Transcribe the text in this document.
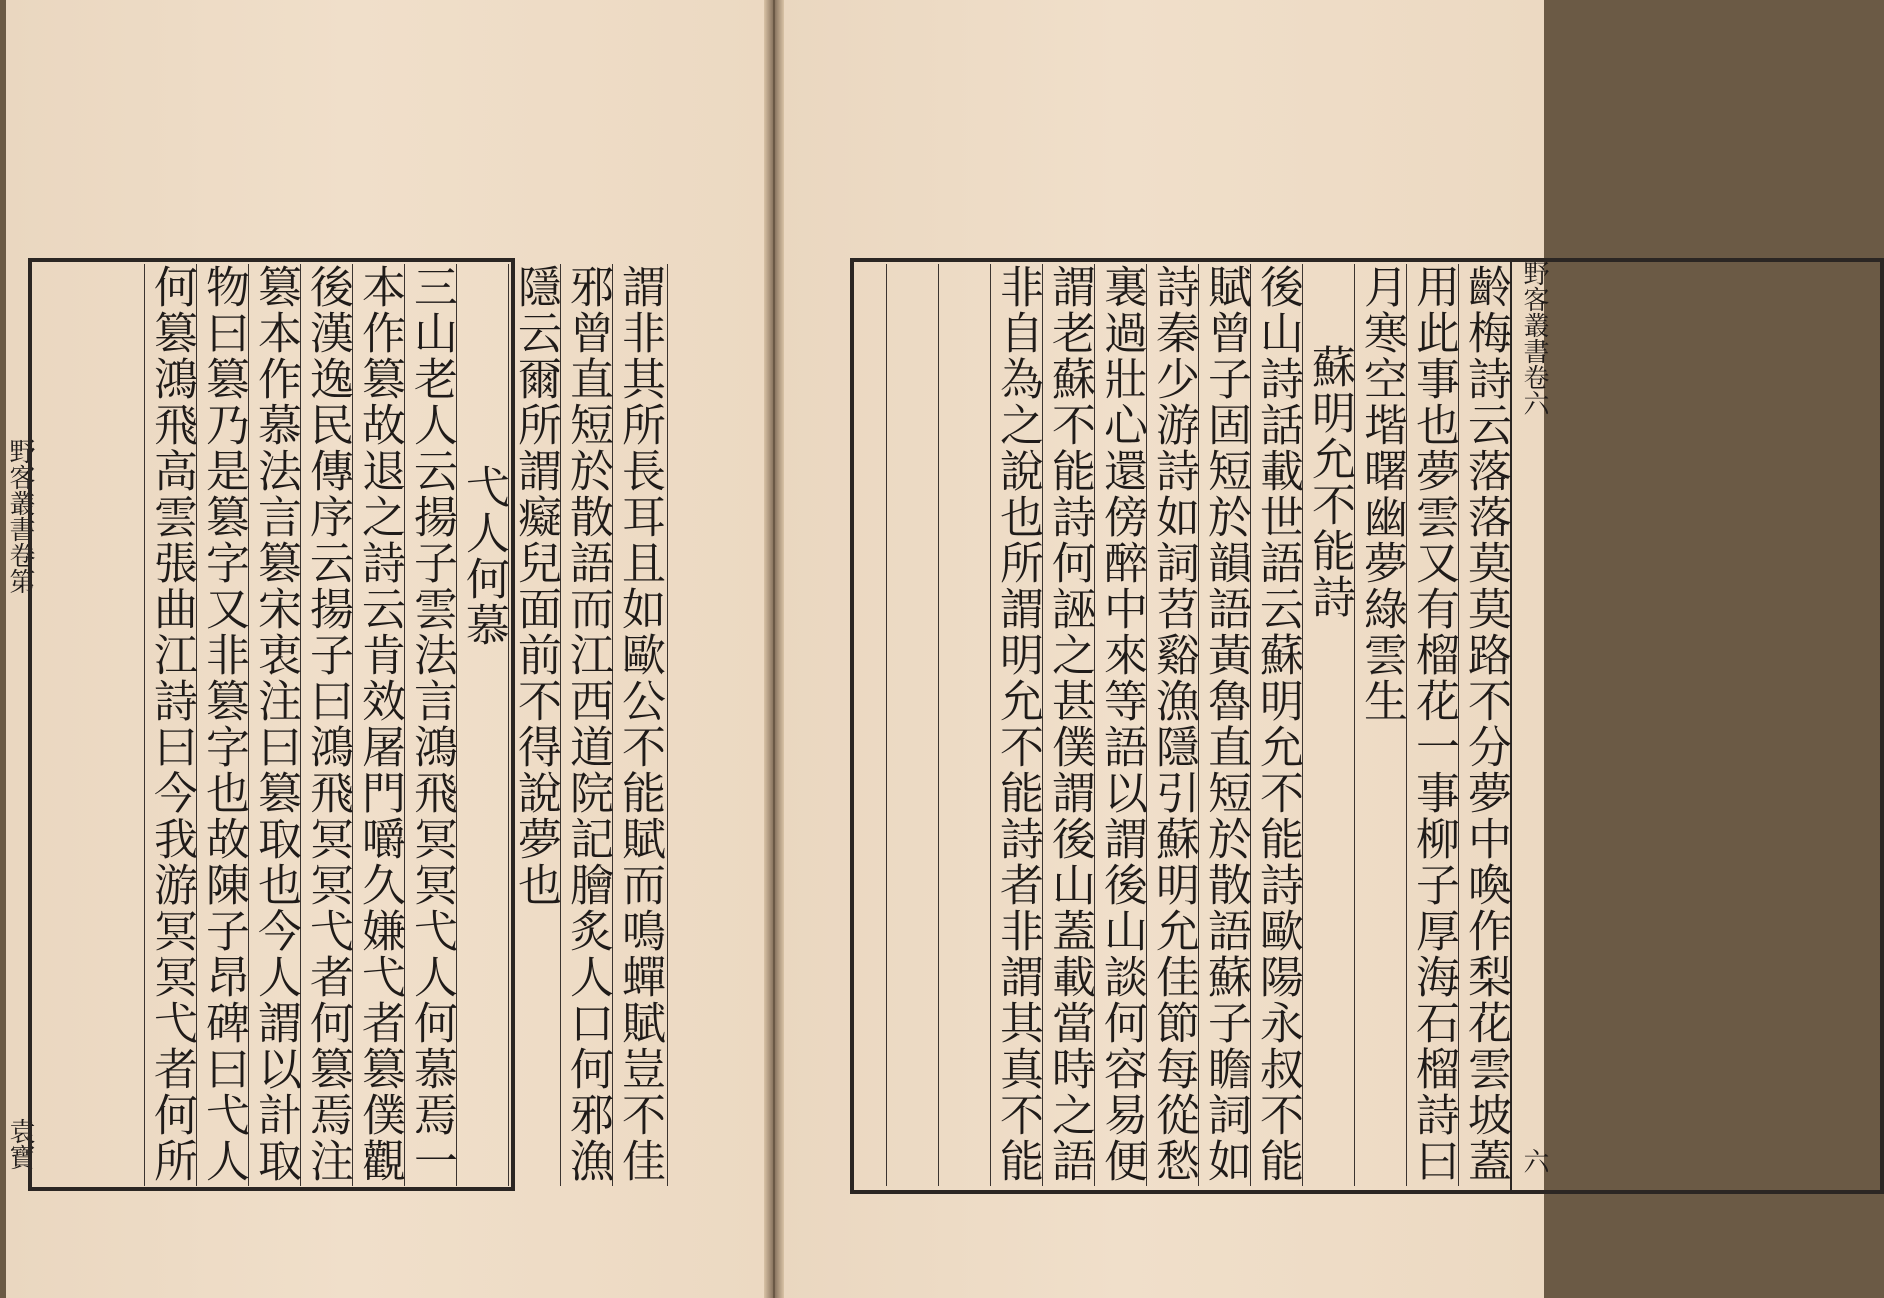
野客叢書卷第
袁寶	謂非其所長耳且如歐公不能賦而鳴蟬賦豈不佳
邪曾直短於散語而江西道院記膾炙人口何邪漁
隱云爾所謂癡兒面前不得說夢也
弋人何慕
三山老人云揚子雲法言鴻飛冥冥弋人何慕焉一
本作篡故退之詩云肯效屠門嚼久嫌弋者篡僕觀
後漢逸民傳序云揚子曰鴻飛冥冥弋者何篡焉注
篡本作慕法言篡宋衷注曰篡取也今人謂以計取
物曰篡乃是篡字又非篡字也故陳子昂碑曰弋人
何篡鴻飛高雲張曲江詩曰今我游冥冥弋者何所	野客叢書卷六
六
齡梅詩云落落莫莫路不分夢中喚作梨花雲坡蓋
用此事也夢雲又有榴花一事柳子厚海石榴詩曰
月寒空堦曙幽夢綠雲生
蘇明允不能詩
後山詩話載世語云蘇明允不能詩歐陽永叔不能
賦曾子固短於韻語黃魯直短於散語蘇子瞻詞如
詩秦少游詩如詞苕谿漁隱引蘇明允佳節每從愁
裏過壯心還傍醉中來等語以謂後山談何容易便
謂老蘇不能詩何誣之甚僕謂後山蓋載當時之語
非自為之說也所謂明允不能詩者非謂其真不能
